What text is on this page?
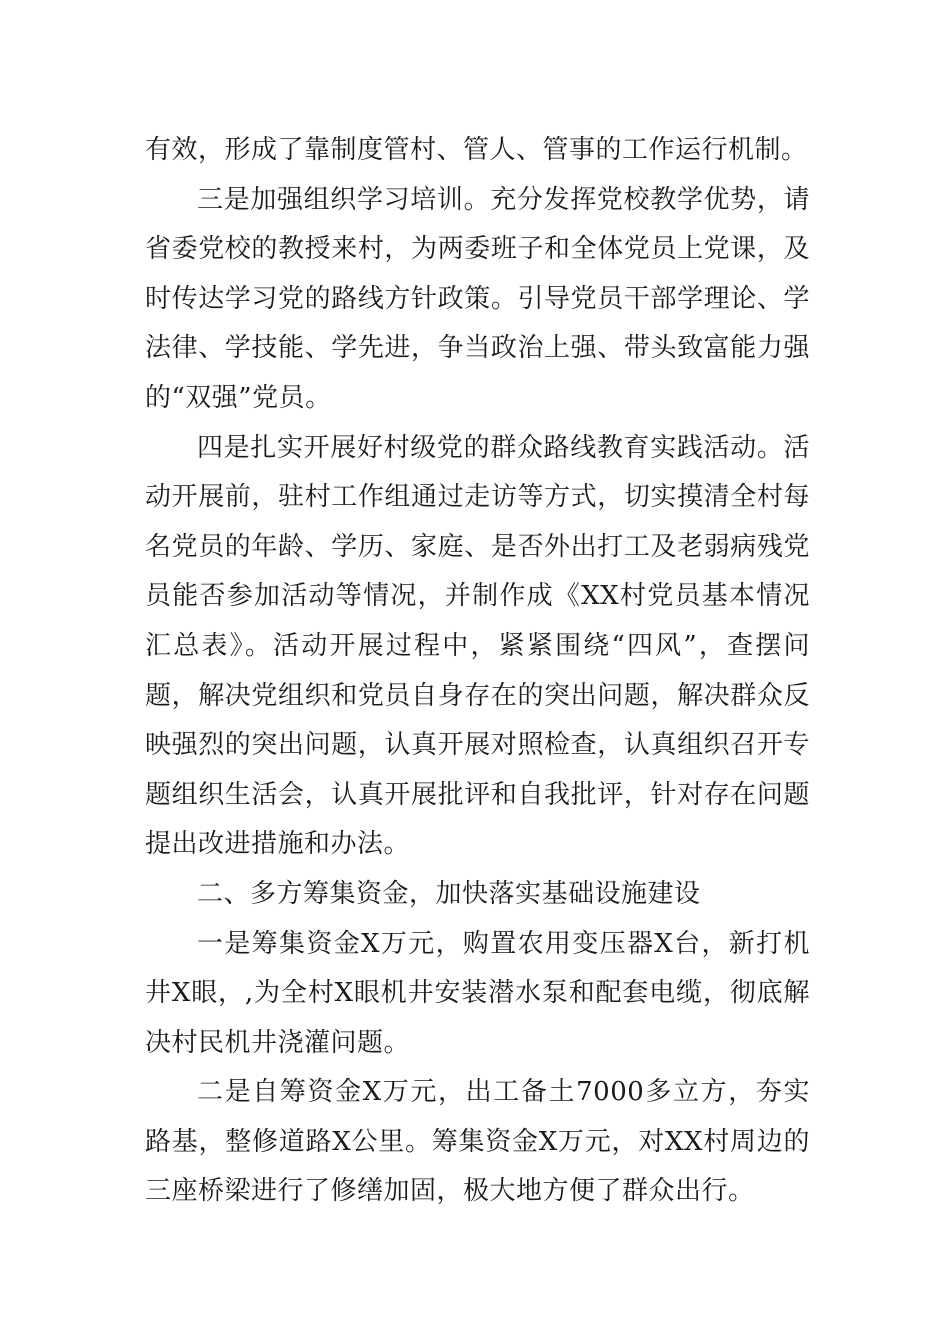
有效，形成了靠制度管村、管人、管事的工作运行机制。

三是加强组织学习培训。充分发挥党校教学优势，请省委党校的教授来村，为两委班子和全体党员上党课，及时传达学习党的路线方针政策。引导党员干部学理论、学法律、学技能、学先进，争当政治上强、带头致富能力强的“双强”党员。

四是扎实开展好村级党的群众路线教育实践活动。活动开展前，驻村工作组通过走访等方式，切实摸清全村每名党员的年龄、学历、家庭、是否外出打工及老弱病残党员能否参加活动等情况，并制作成《XX村党员基本情况汇总表》。活动开展过程中，紧紧围绕“四风”，查摆问题，解决党组织和党员自身存在的突出问题，解决群众反映强烈的突出问题，认真开展对照检查，认真组织召开专题组织生活会，认真开展批评和自我批评，针对存在问题提出改进措施和办法。

二、多方筹集资金，加快落实基础设施建设

一是筹集资金X万元，购置农用变压器X台，新打机井X眼，,为全村X眼机井安装潜水泵和配套电缆，彻底解决村民机井浇灌问题。

二是自筹资金X万元，出工备土7000多立方，夯实路基，整修道路X公里。筹集资金X万元，对XX村周边的三座桥梁进行了修缮加固，极大地方便了群众出行。
